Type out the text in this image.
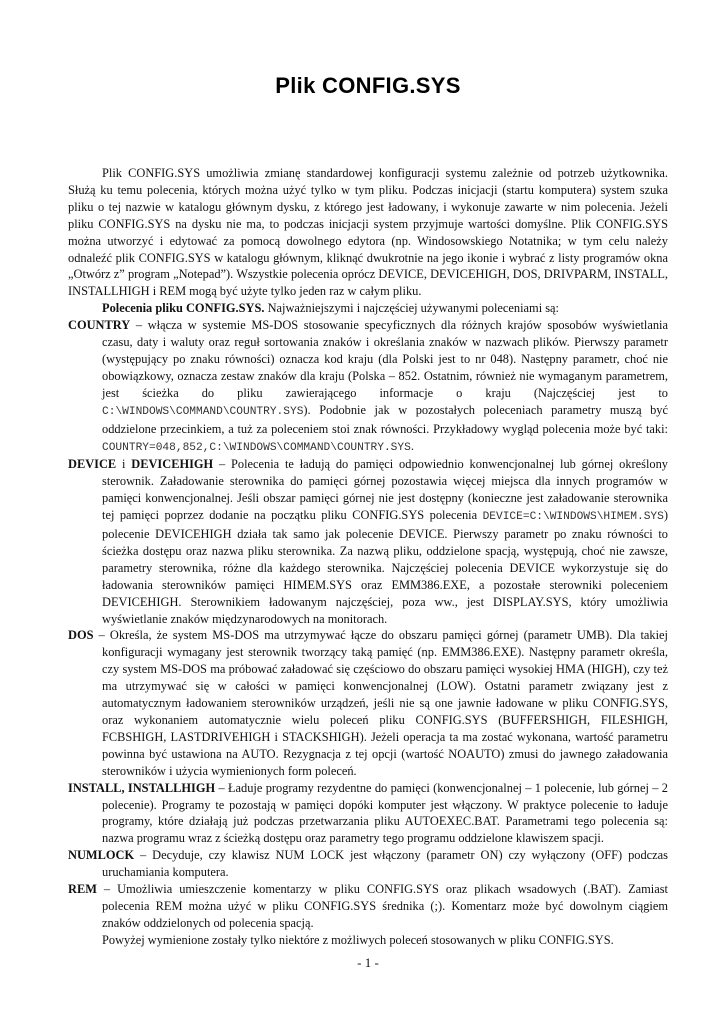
Plik CONFIG.SYS

Plik CONFIG.SYS umożliwia zmianę standardowej konfiguracji systemu zależnie od potrzeb użytkownika. Służą ku temu polecenia, których można użyć tylko w tym pliku. Podczas inicjacji (startu komputera) system szuka pliku o tej nazwie w katalogu głównym dysku, z którego jest ładowany, i wykonuje zawarte w nim polecenia. Jeżeli pliku CONFIG.SYS na dysku nie ma, to podczas inicjacji system przyjmuje wartości domyślne. Plik CONFIG.SYS można utworzyć i edytować za pomocą dowolnego edytora (np. Windosowskiego Notatnika; w tym celu należy odnaleźć plik CONFIG.SYS w katalogu głównym, kliknąć dwukrotnie na jego ikonie i wybrać z listy programów okna „Otwórz z” program „Notepad”). Wszystkie polecenia oprócz DEVICE, DEVICEHIGH, DOS, DRIVPARM, INSTALL, INSTALLHIGH i REM mogą być użyte tylko jeden raz w całym pliku.

Polecenia pliku CONFIG.SYS. Najważniejszymi i najczęściej używanymi poleceniami są:

COUNTRY – włącza w systemie MS-DOS stosowanie specyficznych dla różnych krajów sposobów wyświetlania czasu, daty i waluty oraz reguł sortowania znaków i określania znaków w nazwach plików. Pierwszy parametr (występujący po znaku równości) oznacza kod kraju (dla Polski jest to nr 048). Następny parametr, choć nie obowiązkowy, oznacza zestaw znaków dla kraju (Polska – 852. Ostatnim, również nie wymaganym parametrem, jest ścieżka do pliku zawierającego informacje o kraju (Najczęściej jest to C:\WINDOWS\COMMAND\COUNTRY.SYS). Podobnie jak w pozostałych poleceniach parametry muszą być oddzielone przecinkiem, a tuż za poleceniem stoi znak równości. Przykładowy wygląd polecenia może być taki: COUNTRY=048,852,C:\WINDOWS\COMMAND\COUNTRY.SYS.

DEVICE i DEVICEHIGH – Polecenia te ładują do pamięci odpowiednio konwencjonalnej lub górnej określony sterownik. Załadowanie sterownika do pamięci górnej pozostawia więcej miejsca dla innych programów w pamięci konwencjonalnej. Jeśli obszar pamięci górnej nie jest dostępny (konieczne jest załadowanie sterownika tej pamięci poprzez dodanie na początku pliku CONFIG.SYS polecenia DEVICE=C:\WINDOWS\HIMEM.SYS) polecenie DEVICEHIGH działa tak samo jak polecenie DEVICE. Pierwszy parametr po znaku równości to ścieżka dostępu oraz nazwa pliku sterownika. Za nazwą pliku, oddzielone spacją, występują, choć nie zawsze, parametry sterownika, różne dla każdego sterownika. Najczęściej polecenia DEVICE wykorzystuje się do ładowania sterowników pamięci HIMEM.SYS oraz EMM386.EXE, a pozostałe sterowniki poleceniem DEVICEHIGH. Sterownikiem ładowanym najczęściej, poza ww., jest DISPLAY.SYS, który umożliwia wyświetlanie znaków międzynarodowych na monitorach.

DOS – Określa, że system MS-DOS ma utrzymywać łącze do obszaru pamięci górnej (parametr UMB). Dla takiej konfiguracji wymagany jest sterownik tworzący taką pamięć (np. EMM386.EXE). Następny parametr określa, czy system MS-DOS ma próbować załadować się częściowo do obszaru pamięci wysokiej HMA (HIGH), czy też ma utrzymywać się w całości w pamięci konwencjonalnej (LOW). Ostatni parametr związany jest z automatycznym ładowaniem sterowników urządzeń, jeśli nie są one jawnie ładowane w pliku CONFIG.SYS, oraz wykonaniem automatycznie wielu poleceń pliku CONFIG.SYS (BUFFERSHIGH, FILESHIGH, FCBSHIGH, LASTDRIVEHIGH i STACKSHIGH). Jeżeli operacja ta ma zostać wykonana, wartość parametru powinna być ustawiona na AUTO. Rezygnacja z tej opcji (wartość NOAUTO) zmusi do jawnego załadowania sterowników i użycia wymienionych form poleceń.

INSTALL, INSTALLHIGH – Ładuje programy rezydentne do pamięci (konwencjonalnej – 1 polecenie, lub górnej – 2 polecenie). Programy te pozostają w pamięci dopóki komputer jest włączony. W praktyce polecenie to ładuje programy, które działają już podczas przetwarzania pliku AUTOEXEC.BAT. Parametrami tego polecenia są: nazwa programu wraz z ścieżką dostępu oraz parametry tego programu oddzielone klawiszem spacji.

NUMLOCK – Decyduje, czy klawisz NUM LOCK jest włączony (parametr ON) czy wyłączony (OFF) podczas uruchamiania komputera.

REM – Umożliwia umieszczenie komentarzy w pliku CONFIG.SYS oraz plikach wsadowych (.BAT). Zamiast polecenia REM można użyć w pliku CONFIG.SYS średnika (;). Komentarz może być dowolnym ciągiem znaków oddzielonych od polecenia spacją.

Powyżej wymienione zostały tylko niektóre z możliwych poleceń stosowanych w pliku CONFIG.SYS.

- 1 -
